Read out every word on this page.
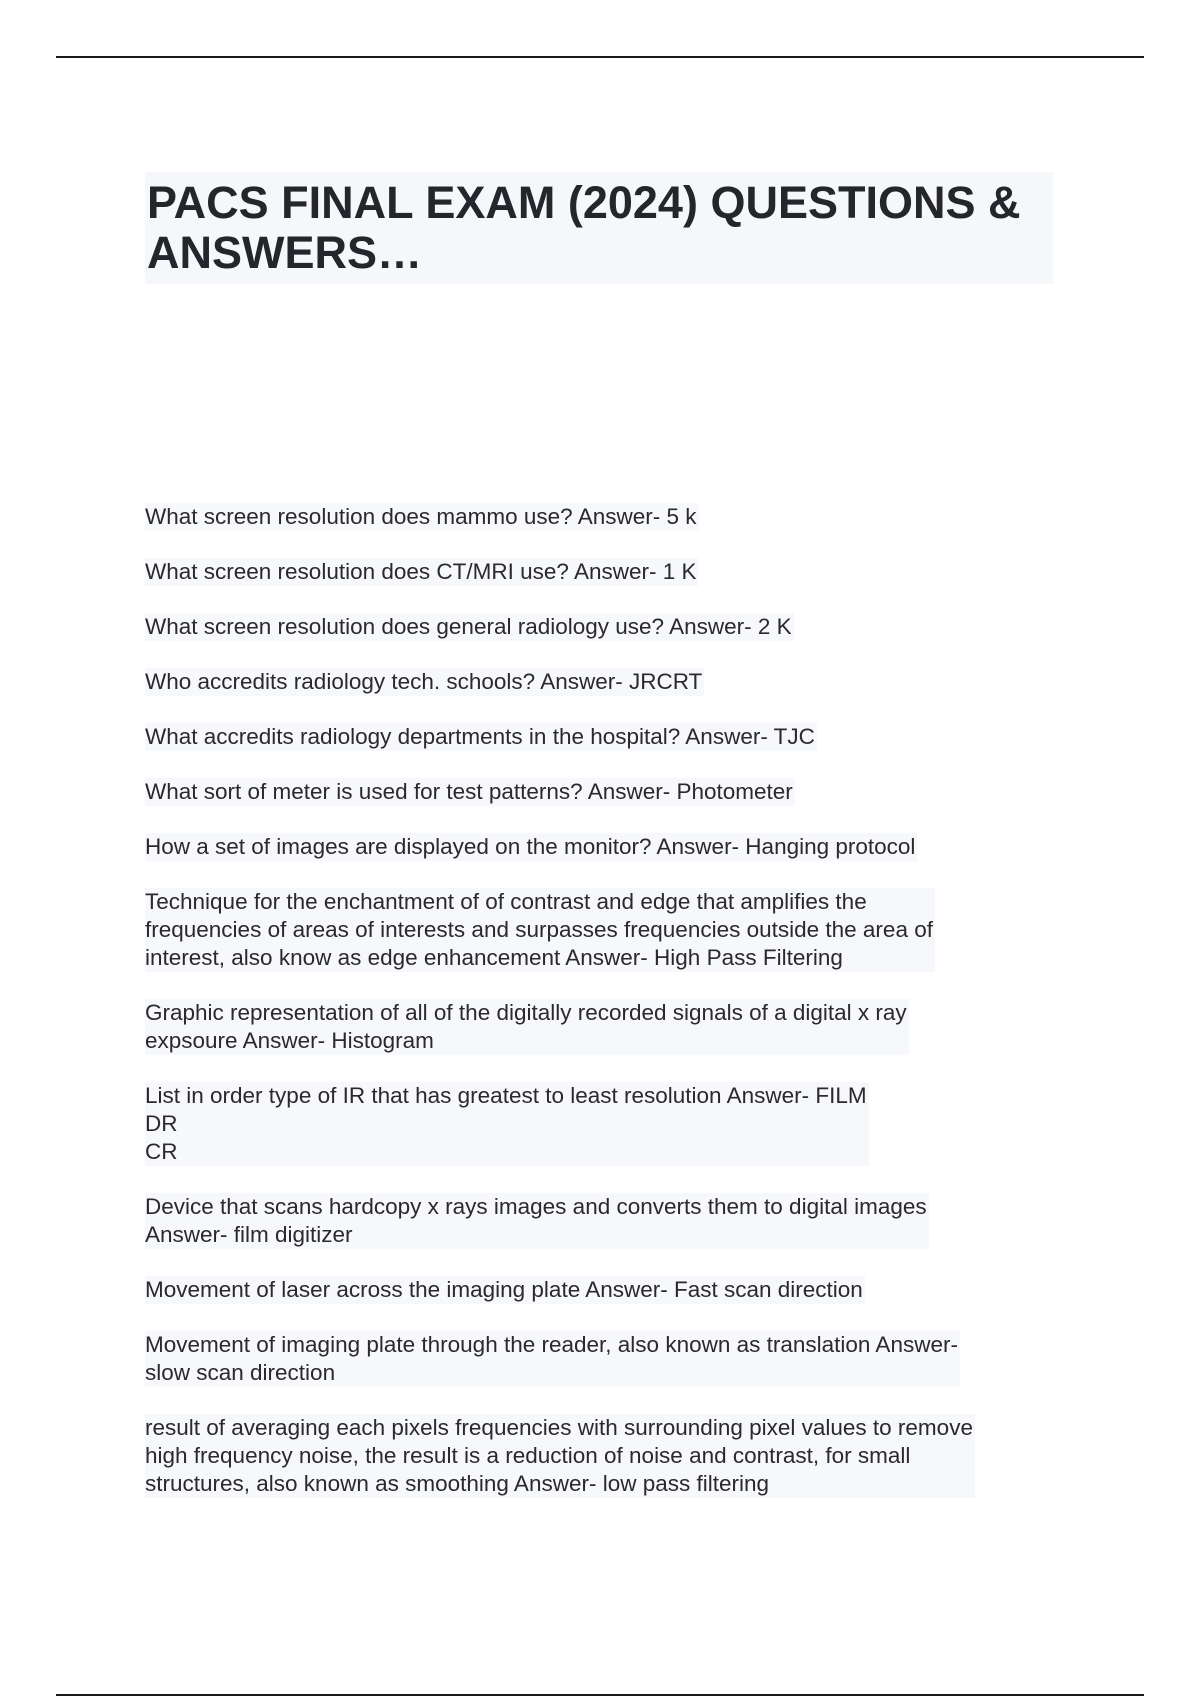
PACS FINAL EXAM (2024) QUESTIONS & ANSWERS…
What screen resolution does mammo use? Answer- 5 k
What screen resolution does CT/MRI use? Answer- 1 K
What screen resolution does general radiology use? Answer- 2 K
Who accredits radiology tech. schools? Answer- JRCRT
What accredits radiology departments in the hospital? Answer- TJC
What sort of meter is used for test patterns? Answer- Photometer
How a set of images are displayed on the monitor? Answer- Hanging protocol
Technique for the enchantment of of contrast and edge that amplifies the
frequencies of areas of interests and surpasses frequencies outside the area of
interest, also know as edge enhancement Answer- High Pass Filtering
Graphic representation of all of the digitally recorded signals of a digital x ray
expsoure Answer- Histogram
List in order type of IR that has greatest to least resolution Answer- FILM
DR
CR
Device that scans hardcopy x rays images and converts them to digital images
Answer- film digitizer
Movement of laser across the imaging plate Answer- Fast scan direction
Movement of imaging plate through the reader, also known as translation Answer-
slow scan direction
result of averaging each pixels frequencies with surrounding pixel values to remove
high frequency noise, the result is a reduction of noise and contrast, for small
structures, also known as smoothing Answer- low pass filtering
